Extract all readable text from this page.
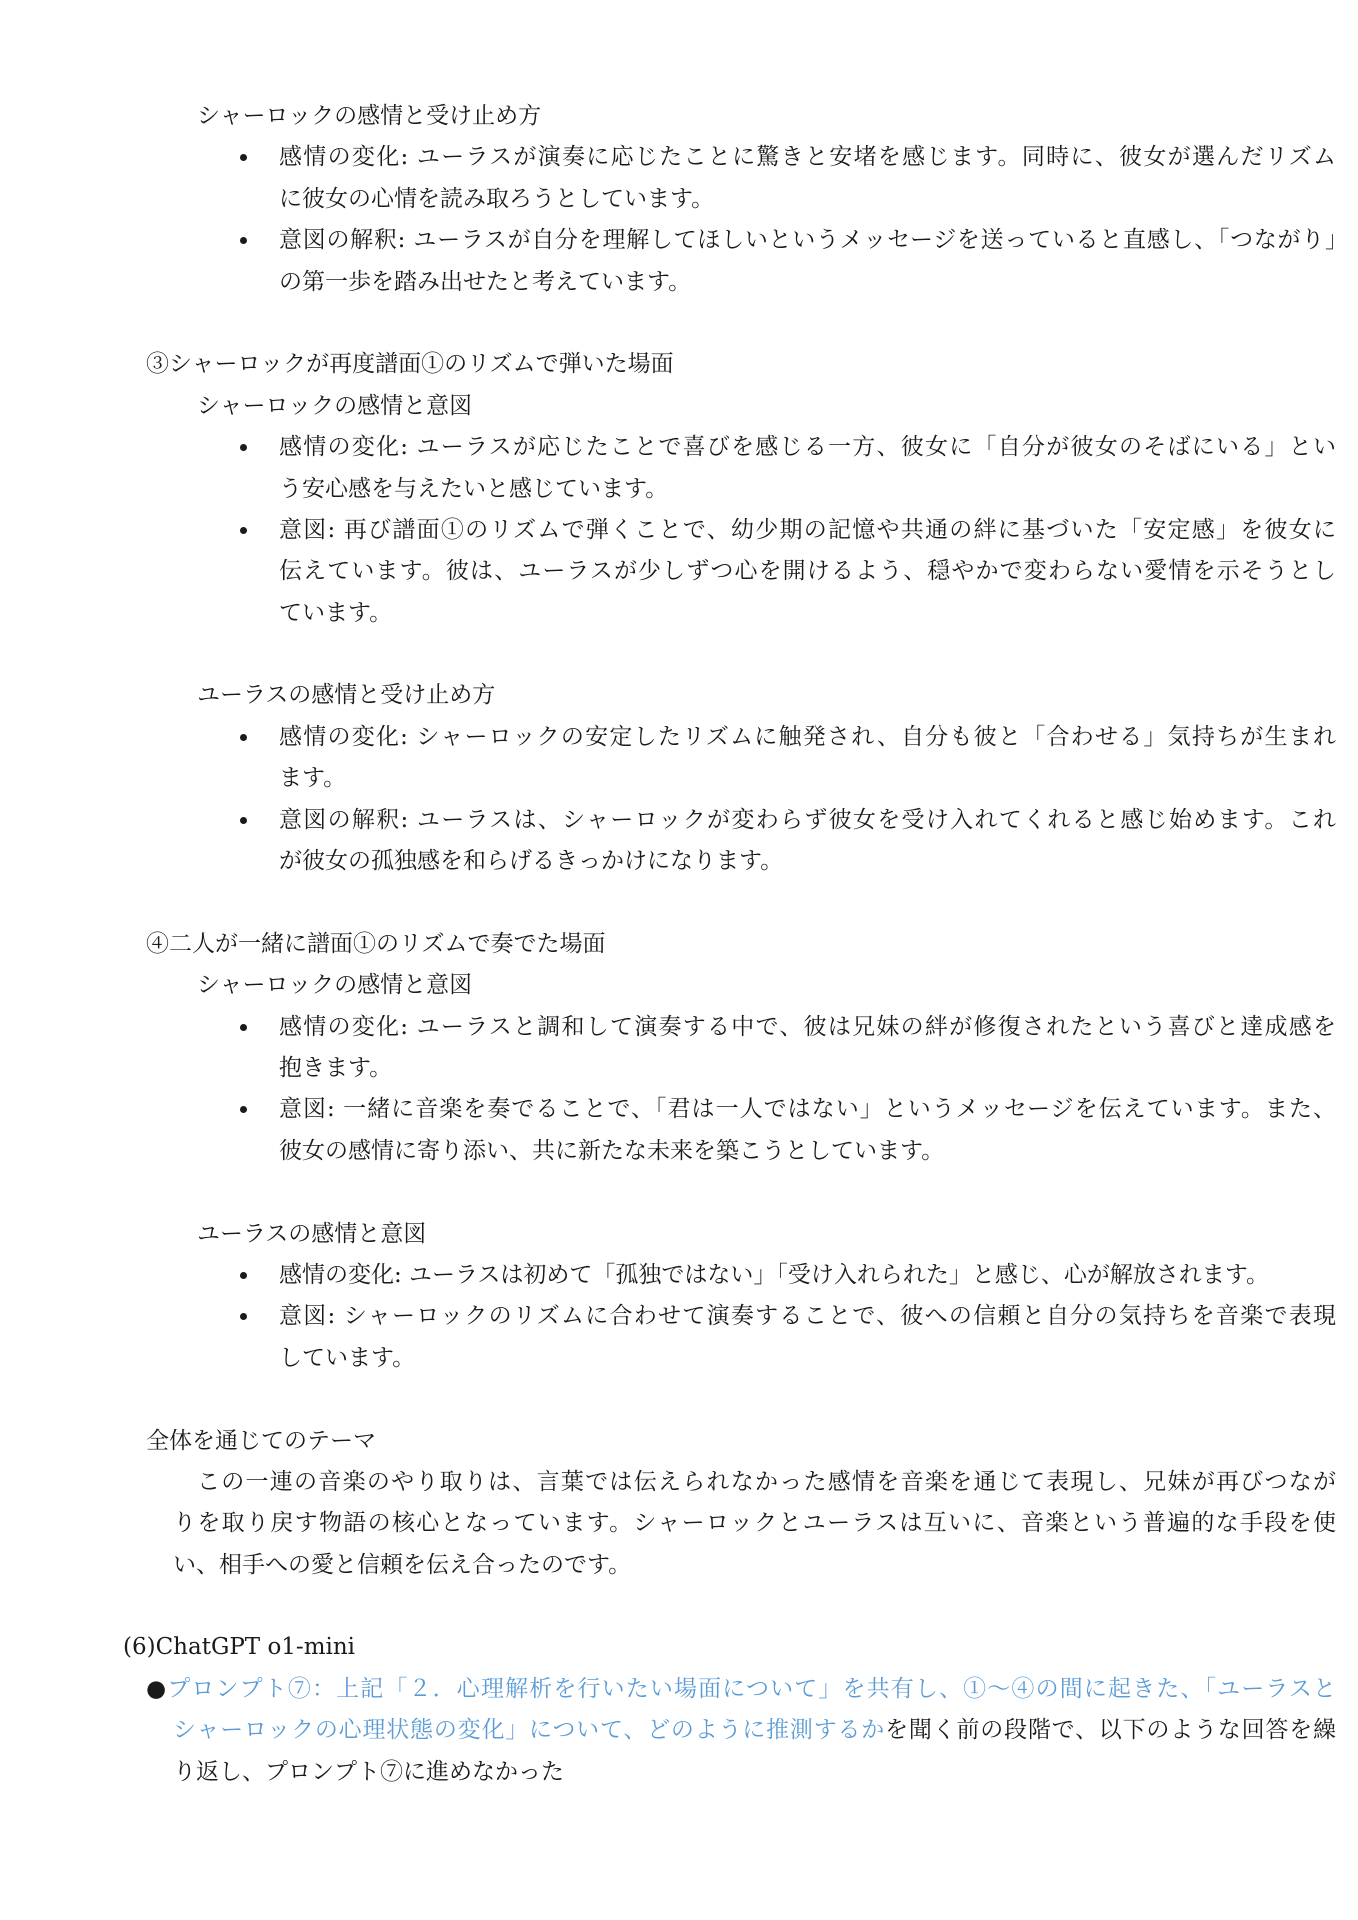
シャーロックの感情と受け止め方
感情の変化: ユーラスが演奏に応じたことに驚きと安堵を感じます。同時に、彼女が選んだリズム
に彼女の心情を読み取ろうとしています。
意図の解釈: ユーラスが自分を理解してほしいというメッセージを送っていると直感し、「つながり」
の第一歩を踏み出せたと考えています。
③シャーロックが再度譜面①のリズムで弾いた場面
シャーロックの感情と意図
感情の変化: ユーラスが応じたことで喜びを感じる一方、彼女に「自分が彼女のそばにいる」とい
う安心感を与えたいと感じています。
意図: 再び譜面①のリズムで弾くことで、幼少期の記憶や共通の絆に基づいた「安定感」を彼女に
伝えています。彼は、ユーラスが少しずつ心を開けるよう、穏やかで変わらない愛情を示そうとし
ています。
ユーラスの感情と受け止め方
感情の変化: シャーロックの安定したリズムに触発され、自分も彼と「合わせる」気持ちが生まれ
ます。
意図の解釈: ユーラスは、シャーロックが変わらず彼女を受け入れてくれると感じ始めます。これ
が彼女の孤独感を和らげるきっかけになります。
④二人が一緒に譜面①のリズムで奏でた場面
シャーロックの感情と意図
感情の変化: ユーラスと調和して演奏する中で、彼は兄妹の絆が修復されたという喜びと達成感を
抱きます。
意図: 一緒に音楽を奏でることで、「君は一人ではない」というメッセージを伝えています。また、
彼女の感情に寄り添い、共に新たな未来を築こうとしています。
ユーラスの感情と意図
感情の変化: ユーラスは初めて「孤独ではない」「受け入れられた」と感じ、心が解放されます。
意図: シャーロックのリズムに合わせて演奏することで、彼への信頼と自分の気持ちを音楽で表現
しています。
全体を通じてのテーマ
この一連の音楽のやり取りは、言葉では伝えられなかった感情を音楽を通じて表現し、兄妹が再びつなが
りを取り戻す物語の核心となっています。シャーロックとユーラスは互いに、音楽という普遍的な手段を使
い、相手への愛と信頼を伝え合ったのです。
(6)ChatGPT o1-mini
●プロンプト⑦：上記「２．心理解析を行いたい場面について」を共有し、①〜④の間に起きた、「ユーラスと
シャーロックの心理状態の変化」について、どのように推測するかを聞く前の段階で、以下のような回答を繰
り返し、プロンプト⑦に進めなかった
